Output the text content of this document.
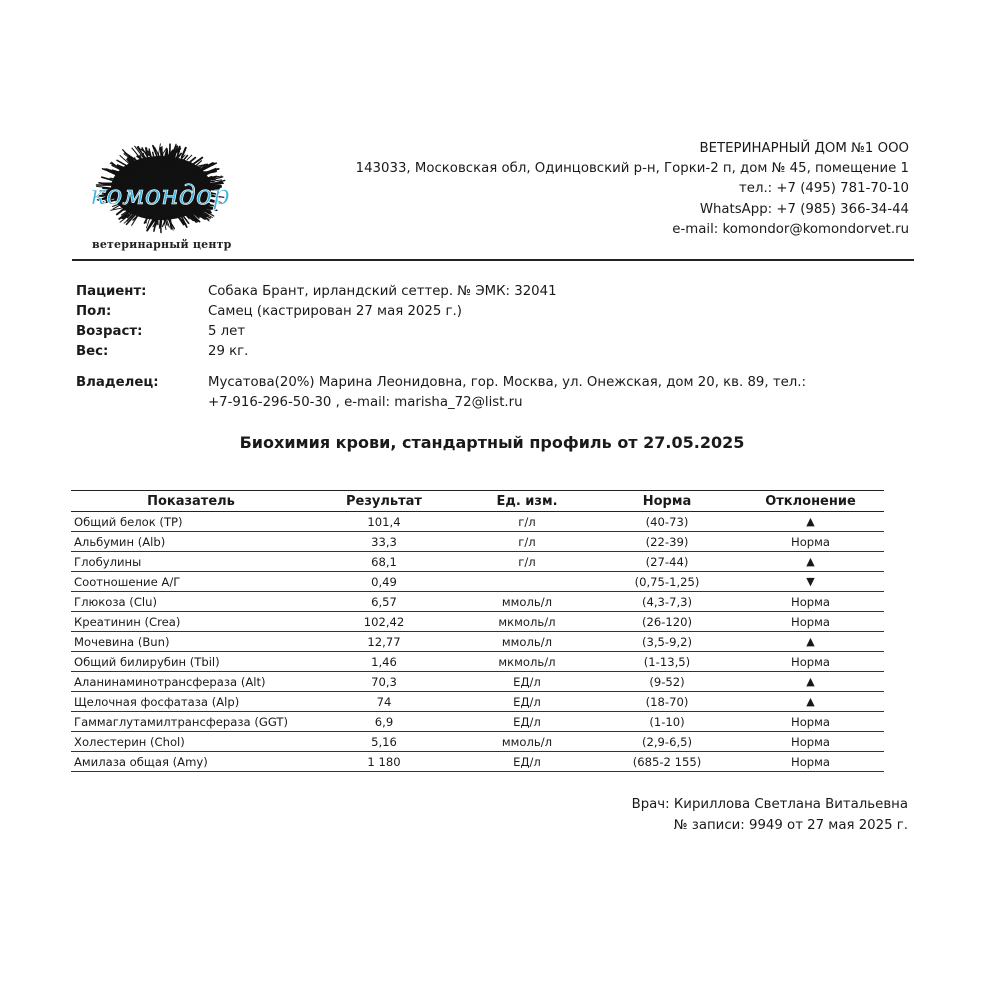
комондор
ветеринарный центр
ВЕТЕРИНАРНЫЙ ДОМ №1 ООО
143033, Московская обл, Одинцовский р-н, Горки-2 п, дом № 45, помещение 1
тел.: +7 (495) 781-70-10
WhatsApp: +7 (985) 366-34-44
e-mail: komondor@komondorvet.ru
Пациент:	Собака Брант, ирландский сеттер. № ЭМК: 32041
Пол:	Самец (кастрирован 27 мая 2025 г.)
Возраст:	5 лет
Вес:	29 кг.
Владелец:	Мусатова(20%) Марина Леонидовна, гор. Москва, ул. Онежская, дом 20, кв. 89, тел.:
+7-916-296-50-30 , e-mail: marisha_72@list.ru
Биохимия крови, стандартный профиль от 27.05.2025
Показатель	Результат	Ед. изм.	Норма	Отклонение
Общий белок (TP)	101,4	г/л	(40-73)	▲
Альбумин (Alb)	33,3	г/л	(22-39)	Норма
Глобулины	68,1	г/л	(27-44)	▲
Соотношение А/Г	0,49		(0,75-1,25)	▼
Глюкоза (Clu)	6,57	ммоль/л	(4,3-7,3)	Норма
Креатинин (Crea)	102,42	мкмоль/л	(26-120)	Норма
Мочевина (Bun)	12,77	ммоль/л	(3,5-9,2)	▲
Общий билирубин (Tbil)	1,46	мкмоль/л	(1-13,5)	Норма
Аланинаминотрансфераза (Alt)	70,3	ЕД/л	(9-52)	▲
Щелочная фосфатаза (Alp)	74	ЕД/л	(18-70)	▲
Гаммаглутамилтрансфераза (GGT)	6,9	ЕД/л	(1-10)	Норма
Холестерин (Chol)	5,16	ммоль/л	(2,9-6,5)	Норма
Амилаза общая (Amy)	1 180	ЕД/л	(685-2 155)	Норма
Врач: Кириллова Светлана Витальевна
№ записи: 9949 от 27 мая 2025 г.
